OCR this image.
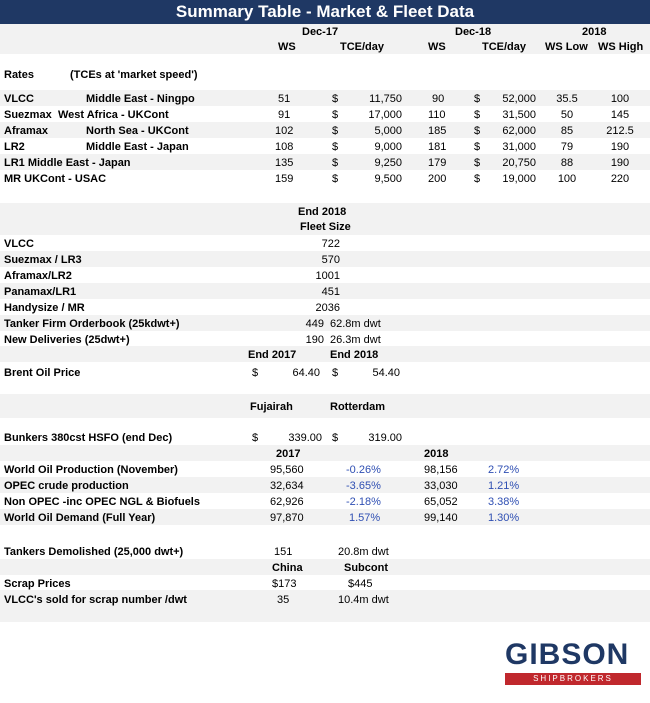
Summary Table - Market & Fleet Data
Dec-17	Dec-18	2018
WS	TCE/day	WS	TCE/day WS Low WS High
Rates	(TCEs at 'market speed')
VLCC	Middle East - Ningpo	51	$	11,750	90	$	52,000	35.5	100
Suezmax West Africa - UKCont	91	$	17,000 110	$	31,500	50	145
Aframax	North Sea - UKCont	102	$	5,000 185	$	62,000	85	212.5
LR2	Middle East - Japan	108	$	9,000 181	$	31,000	79	190
LR1 Middle East - Japan	135	$	9,250 179	$	20,750	88	190
MR UKCont - USAC	159	$	9,500 200	$	19,000	100	220
End 2018
Fleet Size
VLCC	722
Suezmax / LR3	570
Aframax/LR2	1001
Panamax/LR1	451
Handysize / MR	2036
Tanker Firm Orderbook (25kdwt+)	449 62.8m dwt
New Deliveries (25dwt+)	190 26.3m dwt
End 2017	End 2018
Brent Oil Price	$	64.40 $	54.40
Fujairah	Rotterdam
Bunkers 380cst HSFO (end Dec)	$	339.00 $	319.00
2017	2018
World Oil Production (November)	95,560	-0.26%	98,156	2.72%
OPEC crude production	32,634	-3.65%	33,030	1.21%
Non OPEC -inc OPEC NGL & Biofuels	62,926	-2.18%	65,052	3.38%
World Oil Demand (Full Year)	97,870	1.57%	99,140	1.30%
Tankers Demolished (25,000 dwt+)	151	20.8m dwt
China	Subcont
Scrap Prices	$173	$445
VLCC's sold for scrap number /dwt	35	10.4m dwt
GIBSON
SHIPBROKERS
